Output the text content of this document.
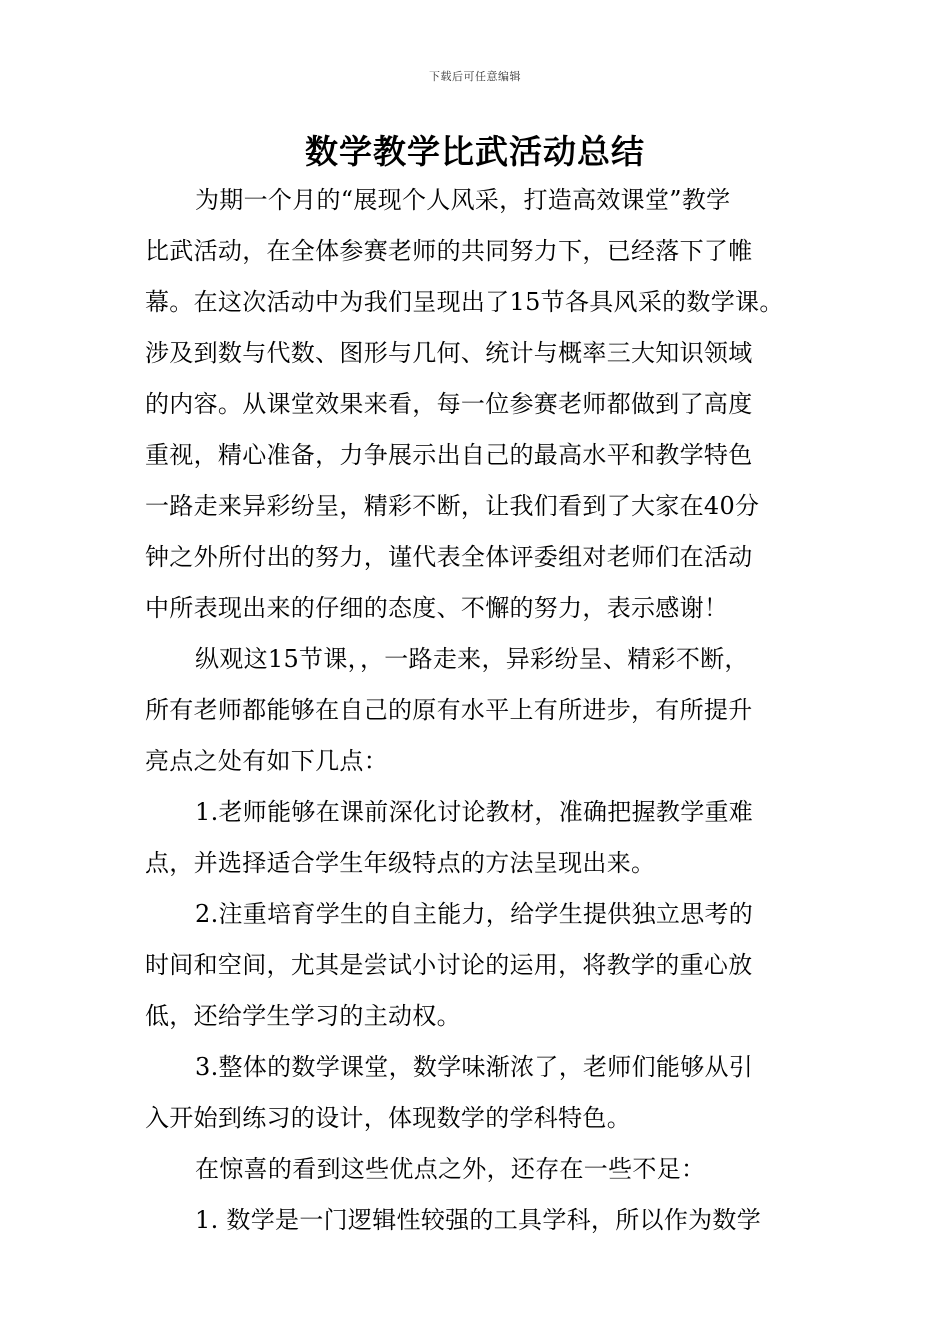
下载后可任意编辑
数学教学比武活动总结
为期一个月的“展现个人风采，打造高效课堂”教学
比武活动，在全体参赛老师的共同努力下，已经落下了帷
幕。在这次活动中为我们呈现出了15节各具风采的数学课。
涉及到数与代数、图形与几何、统计与概率三大知识领域
的内容。从课堂效果来看，每一位参赛老师都做到了高度
重视，精心准备，力争展示出自己的最高水平和教学特色
一路走来异彩纷呈，精彩不断，让我们看到了大家在40分
钟之外所付出的努力，谨代表全体评委组对老师们在活动
中所表现出来的仔细的态度、不懈的努力，表示感谢！
纵观这15节课，，一路走来，异彩纷呈、精彩不断，
所有老师都能够在自己的原有水平上有所进步，有所提升
亮点之处有如下几点：
1.老师能够在课前深化讨论教材，准确把握教学重难
点，并选择适合学生年级特点的方法呈现出来。
2.注重培育学生的自主能力，给学生提供独立思考的
时间和空间，尤其是尝试小讨论的运用，将教学的重心放
低，还给学生学习的主动权。
3.整体的数学课堂，数学味渐浓了，老师们能够从引
入开始到练习的设计，体现数学的学科特色。
在惊喜的看到这些优点之外，还存在一些不足：
1. 数学是一门逻辑性较强的工具学科，所以作为数学
